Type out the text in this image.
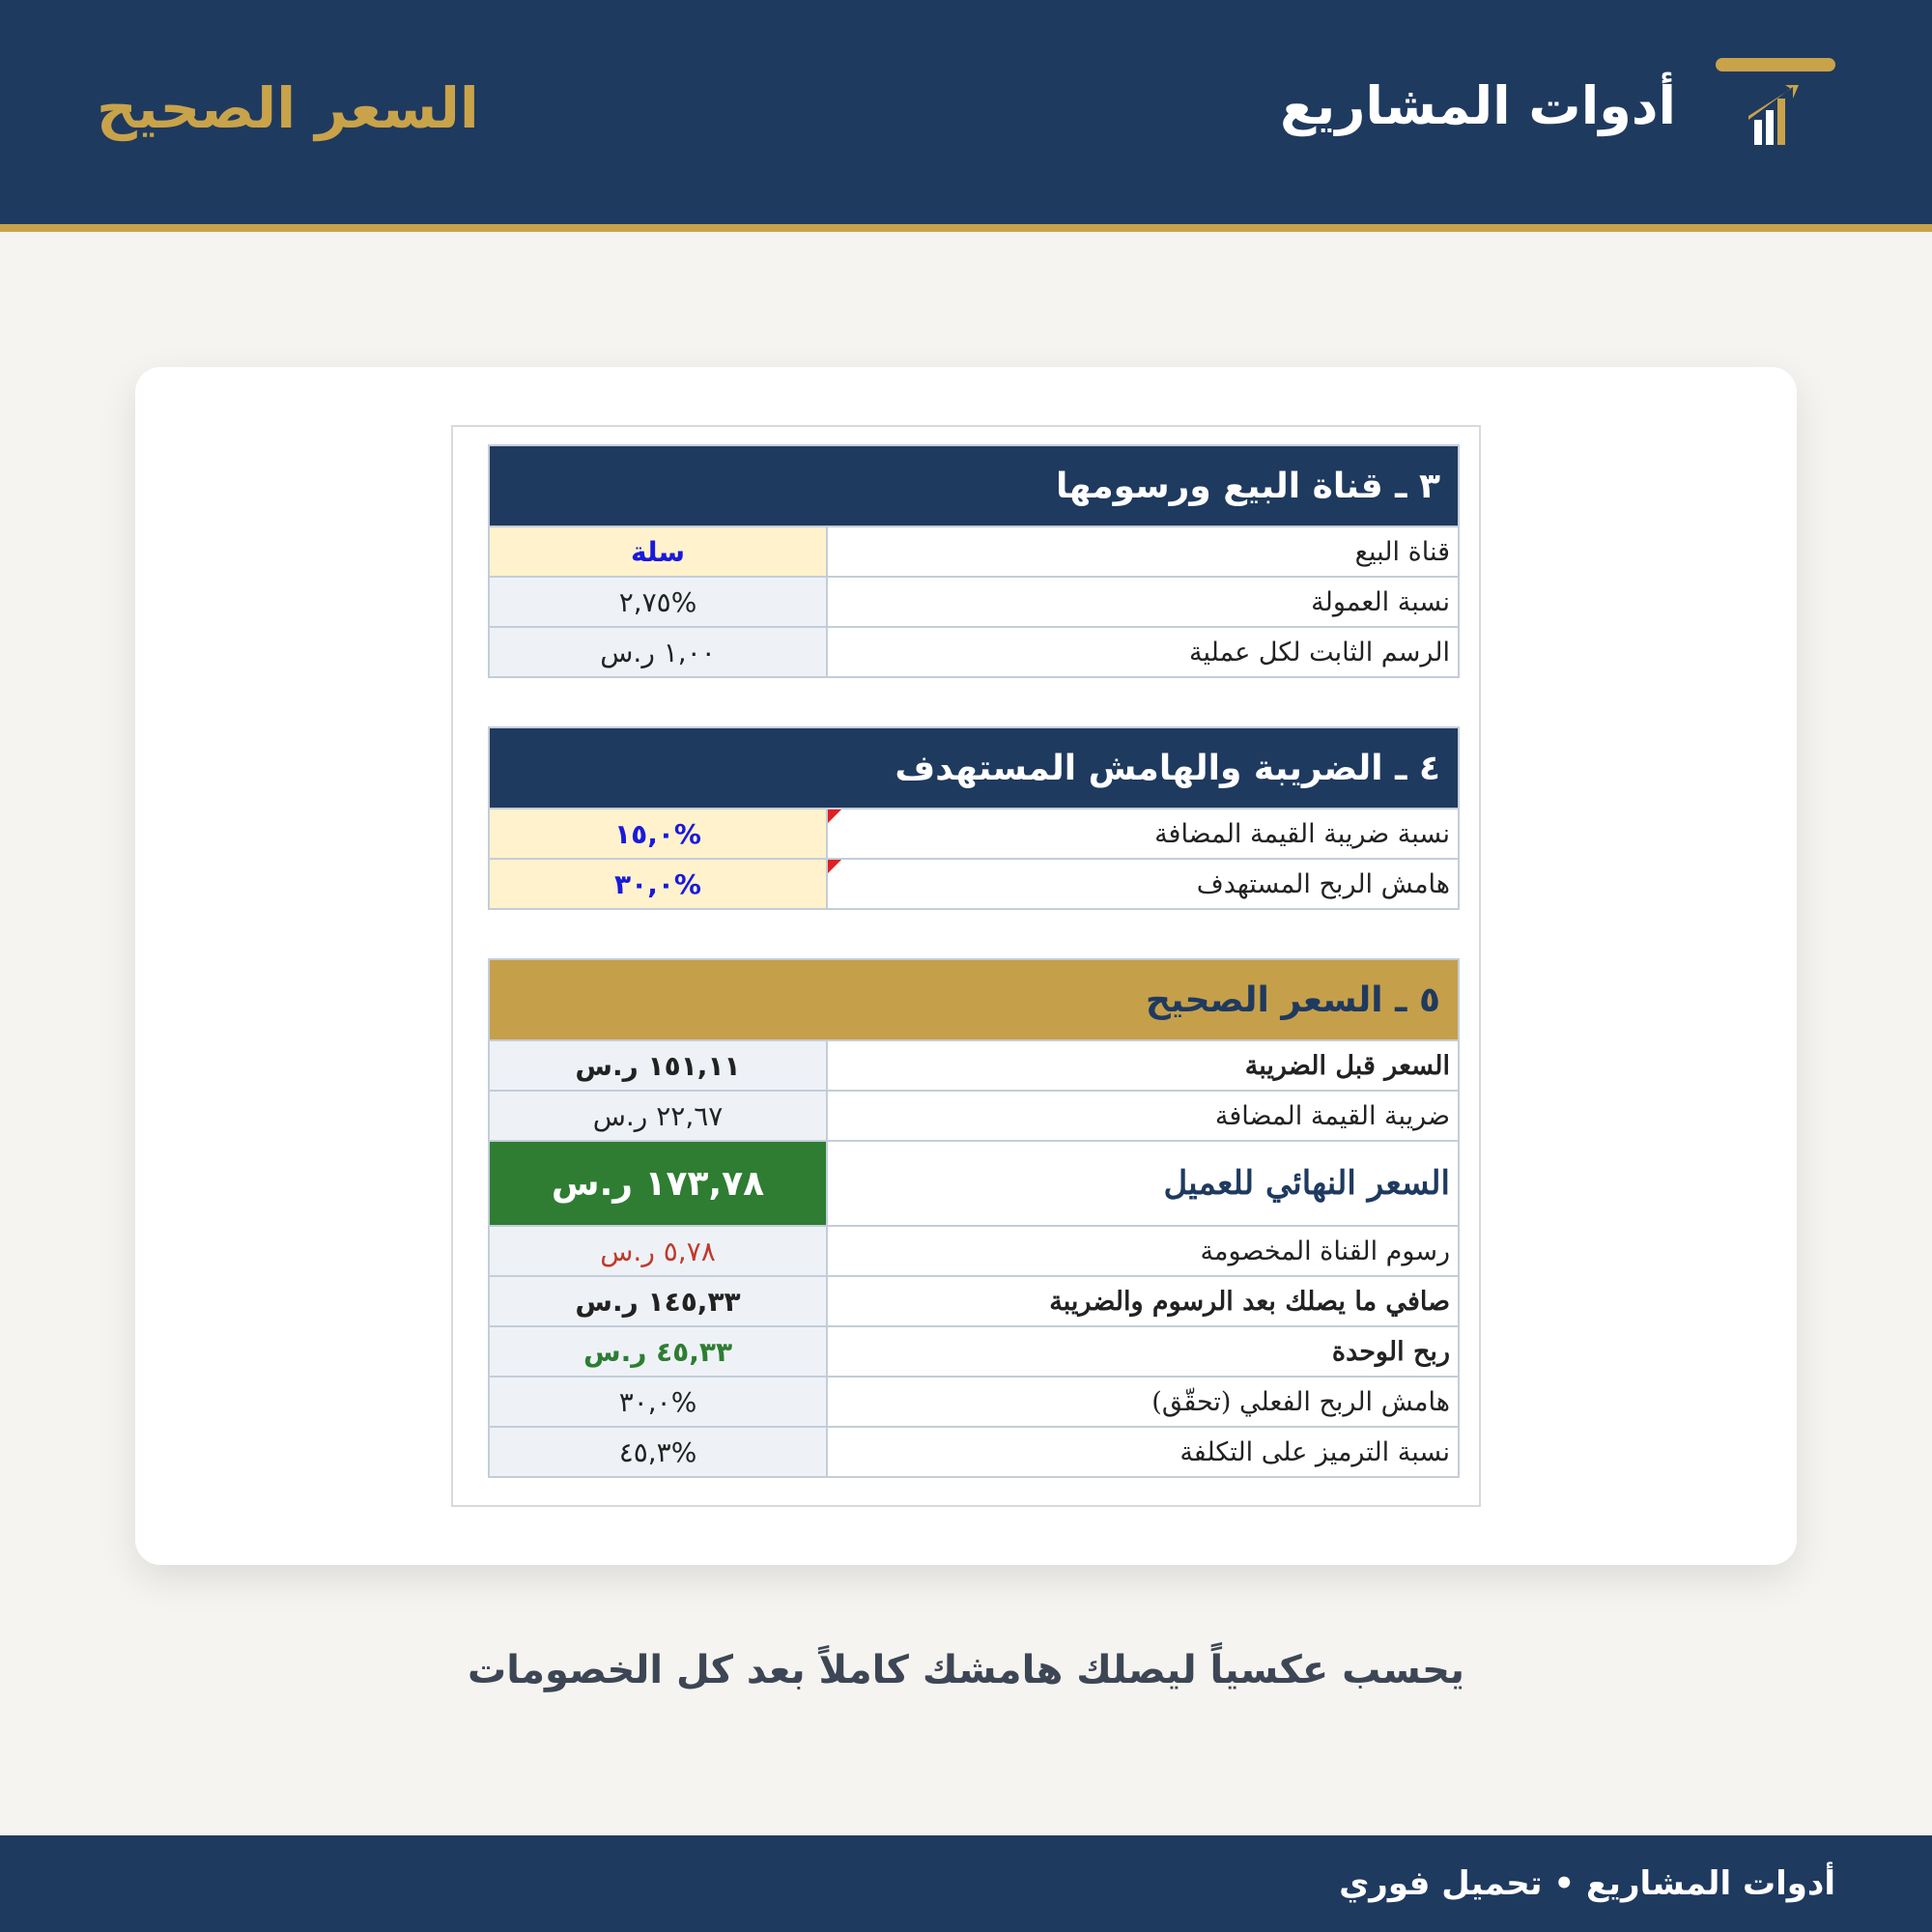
أدوات المشاريع
السعر الصحيح
٣ ـ قناة البيع ورسومها
قناة البيع
سلة
نسبة العمولة
%٢,٧٥
الرسم الثابت لكل عملية
١,٠٠ ر.س
٤ ـ الضريبة والهامش المستهدف
نسبة ضريبة القيمة المضافة
%١٥,٠
هامش الربح المستهدف
%٣٠,٠
٥ ـ السعر الصحيح
السعر قبل الضريبة
١٥١,١١ ر.س
ضريبة القيمة المضافة
٢٢,٦٧ ر.س
السعر النهائي للعميل
١٧٣,٧٨ ر.س
رسوم القناة المخصومة
٥,٧٨ ر.س
صافي ما يصلك بعد الرسوم والضريبة
١٤٥,٣٣ ر.س
ربح الوحدة
٤٥,٣٣ ر.س
هامش الربح الفعلي (تحقّق)
%٣٠,٠
نسبة الترميز على التكلفة
%٤٥,٣
يحسب عكسياً ليصلك هامشك كاملاً بعد كل الخصومات
أدوات المشاريع • تحميل فوري
